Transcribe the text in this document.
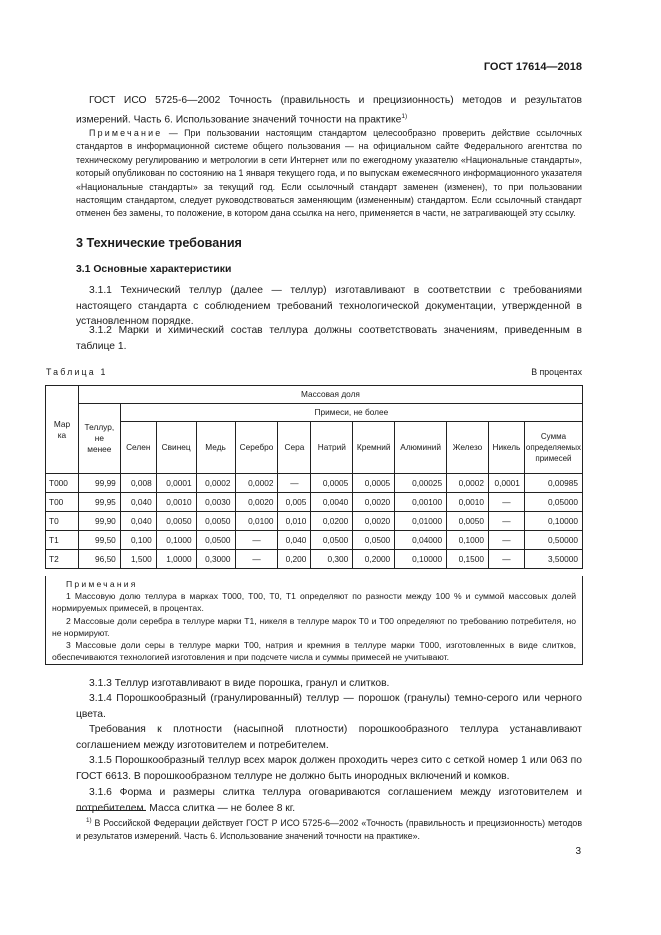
ГОСТ 17614—2018
ГОСТ ИСО 5725-6—2002 Точность (правильность и прецизионность) методов и результатов измерений. Часть 6. Использование значений точности на практике$^{1)}$
Примечание — При пользовании настоящим стандартом целесообразно проверить действие ссылочных стандартов в информационной системе общего пользования — на официальном сайте Федерального агентства по техническому регулированию и метрологии в сети Интернет или по ежегодному указателю «Национальные стандарты», который опубликован по состоянию на 1 января текущего года, и по выпускам ежемесячного информационного указателя «Национальные стандарты» за текущий год. Если ссылочный стандарт заменен (изменен), то при пользовании настоящим стандартом, следует руководствоваться заменяющим (измененным) стандартом. Если ссылочный стандарт отменен без замены, то положение, в котором дана ссылка на него, применяется в части, не затрагивающей эту ссылку.
3 Технические требования
3.1 Основные характеристики
3.1.1 Технический теллур (далее — теллур) изготавливают в соответствии с требованиями настоящего стандарта с соблюдением требований технологической документации, утвержденной в установленном порядке.
3.1.2 Марки и химический состав теллура должны соответствовать значениям, приведенным в таблице 1.
Таблица 1	В процентах
Марка	Массовая доля											

	Теллур, не менее	Примеси, не более										
		Селен	Свинец	Медь	Серебро	Сера	Натрий	Кремний	Алюминий	Железо	Никель	Сумма определяемых примесей
Т000	99,99	0,008	0,0001	0,0002	0,0002	—	0,0005	0,0005	0,00025	0,0002	0,0001	0,00985
Т00	99,95	0,040	0,0010	0,0030	0,0020	0,005	0,0040	0,0020	0,00100	0,0010	—	0,05000
Т0	99,90	0,040	0,0050	0,0050	0,0100	0,010	0,0200	0,0020	0,01000	0,0050	—	0,10000
Т1	99,50	0,100	0,1000	0,0500	—	0,040	0,0500	0,0500	0,04000	0,1000	—	0,50000
Т2	96,50	1,500	1,0000	0,3000	—	0,200	0,300	0,2000	0,10000	0,1500	—	3,50000
Примечания
1 Массовую долю теллура в марках Т000, Т00, Т0, Т1 определяют по разности между 100 % и суммой массовых долей нормируемых примесей, в процентах.
2 Массовые доли серебра в теллуре марки Т1, никеля в теллуре марок Т0 и Т00 определяют по требованию потребителя, но не нормируют.
3 Массовые доли серы в теллуре марки Т00, натрия и кремния в теллуре марки Т000, изготовленных в виде слитков, обеспечиваются технологией изготовления и при подсчете числа и суммы примесей не учитывают.
3.1.3 Теллур изготавливают в виде порошка, гранул и слитков.
3.1.4 Порошкообразный (гранулированный) теллур — порошок (гранулы) темно-серого или черного цвета.
Требования к плотности (насыпной плотности) порошкообразного теллура устанавливают соглашением между изготовителем и потребителем.
3.1.5 Порошкообразный теллур всех марок должен проходить через сито с сеткой номер 1 или 063 по ГОСТ 6613. В порошкообразном теллуре не должно быть инородных включений и комков.
3.1.6 Форма и размеры слитка теллура оговариваются соглашением между изготовителем и потребителем. Масса слитка — не более 8 кг.
$^{1)}$ В Российской Федерации действует ГОСТ Р ИСО 5725-6—2002 «Точность (правильность и прецизионность) методов и результатов измерений. Часть 6. Использование значений точности на практике».
3
